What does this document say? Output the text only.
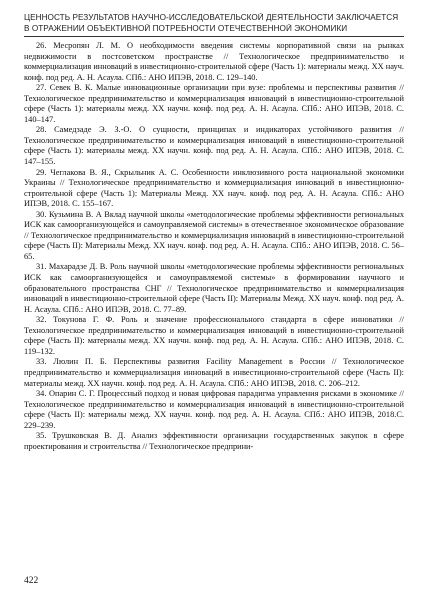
ЦЕННОСТЬ РЕЗУЛЬТАТОВ НАУЧНО-ИССЛЕДОВАТЕЛЬСКОЙ ДЕЯТЕЛЬНОСТИ ЗАКЛЮЧАЕТСЯ
В ОТРАЖЕНИИ ОБЪЕКТИВНОЙ ПОТРЕБНОСТИ ОТЕЧЕСТВЕННОЙ ЭКОНОМИКИ

26. Месропян Л. М. О необходимости введения системы корпоративной связи на рынках недвижимости в постсоветском пространстве // Технологическое предпринимательство и коммерциализация инноваций в инвестиционно-строительной сфере (Часть 1): материалы межд. XX науч. конф. под ред. А. Н. Асаула. СПб.: АНО ИПЭВ, 2018. С. 129–140.

27. Севек В. К. Малые инновационные организации при вузе: проблемы и перспективы развития // Технологическое предпринимательство и коммерциализация инноваций в инвестиционно-строительной сфере (Часть 1): материалы межд. XX научн. конф. под ред. А. Н. Асаула. СПб.: АНО ИПЭВ, 2018. С. 140–147.

28. Самедзаде Э. З.-О. О сущности, принципах и индикаторах устойчивого развития // Технологическое предпринимательство и коммерциализация инноваций в инвестиционно-строительной сфере (Часть 1): материалы межд. XX научн. конф. под ред. А. Н. Асаула. СПб.: АНО ИПЭВ, 2018. С. 147–155.

29. Чеглакова В. Я., Скрыльник А. С. Особенности инклюзивного роста национальной экономики Украины // Технологическое предпринимательство и коммерциализация инноваций в инвестиционно-строительной сфере (Часть 1): Материалы Межд. XX науч. конф. под ред. А. Н. Асаула. СПб.: АНО ИПЭВ, 2018. С. 155–167.

30. Кузьмина В. А Вклад научной школы «методологические проблемы эффективности региональных ИСК как самоорганизующейся и самоуправляемой системы» в отечественное экономическое образование // Технологическое предпринимательство и коммерциализация инноваций в инвестиционно-строительной сфере (Часть II): Материалы Межд. XX науч. конф. под ред. А. Н. Асаула. СПб.: АНО ИПЭВ, 2018. С. 56–65.

31. Махарадзе Д. В. Роль научной школы «методологические проблемы эффективности региональных ИСК как самоорганизующейся и самоуправляемой системы» в формировании научного и образовательного пространства СНГ // Технологическое предпринимательство и коммерциализация инноваций в инвестиционно-строительной сфере (Часть II): Материалы Межд. XX науч. конф. под ред. А. Н. Асаула. СПб.: АНО ИПЭВ, 2018. С. 77–89.

32. Токунова Г. Ф. Роль и значение профессионального стандарта в сфере инноватики // Технологическое предпринимательство и коммерциализация инноваций в инвестиционно-строительной сфере (Часть II): материалы межд. XX научн. конф. под ред. А. Н. Асаула. СПб.: АНО ИПЭВ, 2018. С. 119–132.

33. Люлин П. Б. Перспективы развития Facility Management в России // Технологическое предпринимательство и коммерциализация инноваций в инвестиционно-строительной сфере (Часть II): материалы межд. XX научн. конф. под ред. А. Н. Асаула. СПб.: АНО ИПЭВ, 2018. С. 206–212.

34. Опарин С. Г. Процессный подход и новая цифровая парадигма управления рисками в экономике // Технологическое предпринимательство и коммерциализация инноваций в инвестиционно-строительной сфере (Часть II): материалы межд. XX научн. конф. под ред. А. Н. Асаула. СПб.: АНО ИПЭВ, 2018.С. 229–239.

35. Трушковская В. Д. Анализ эффективности организации государственных закупок в сфере проектирования и строительства // Технологическое предприни-

422
